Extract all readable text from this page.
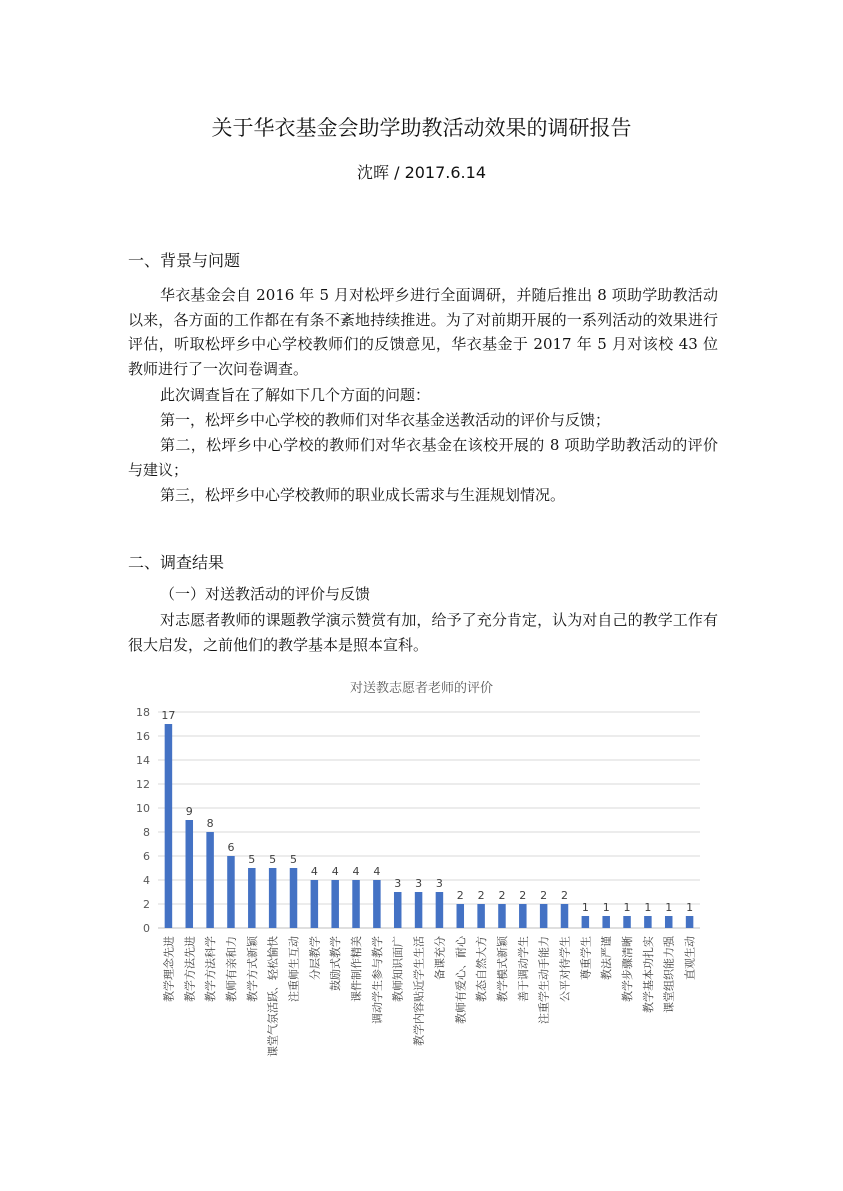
关于华衣基金会助学助教活动效果的调研报告
沈晖 / 2017.6.14
一、背景与问题
华衣基金会自 2016 年 5 月对松坪乡进行全面调研，并随后推出 8 项助学助教活动以来，各方面的工作都在有条不紊地持续推进。为了对前期开展的一系列活动的效果进行评估，听取松坪乡中心学校教师们的反馈意见，华衣基金于 2017 年 5 月对该校 43 位教师进行了一次问卷调查。
此次调查旨在了解如下几个方面的问题：
第一，松坪乡中心学校的教师们对华衣基金送教活动的评价与反馈；
第二，松坪乡中心学校的教师们对华衣基金在该校开展的 8 项助学助教活动的评价与建议；
第三，松坪乡中心学校教师的职业成长需求与生涯规划情况。
二、调查结果
（一）对送教活动的评价与反馈
对志愿者教师的课题教学演示赞赏有加，给予了充分肯定，认为对自己的教学工作有很大启发，之前他们的教学基本是照本宣科。
对送教志愿者老师的评价
0
2
4
6
8
10
12
14
16
18 17
教学理念先进
9
教学方法先进
8
教学方法科学
6
教师有亲和力
5
教学方式新颖
5
课堂气氛活跃、轻松愉快
5
注重师生互动
4
分层教学
4
鼓励式教学
4
课件制作精美
4
调动学生参与教学
3
教师知识面广
3
教学内容贴近学生生活
3
备课充分
2
教师有爱心、耐心
2
教态自然大方
2
教学模式新颖
2
善于调动学生
2
注重学生动手能力
2
公平对待学生
1
尊重学生
1
教法严谨
1
教学步骤清晰
1
教学基本功扎实
1
课堂组织能力强
1
直观生动
